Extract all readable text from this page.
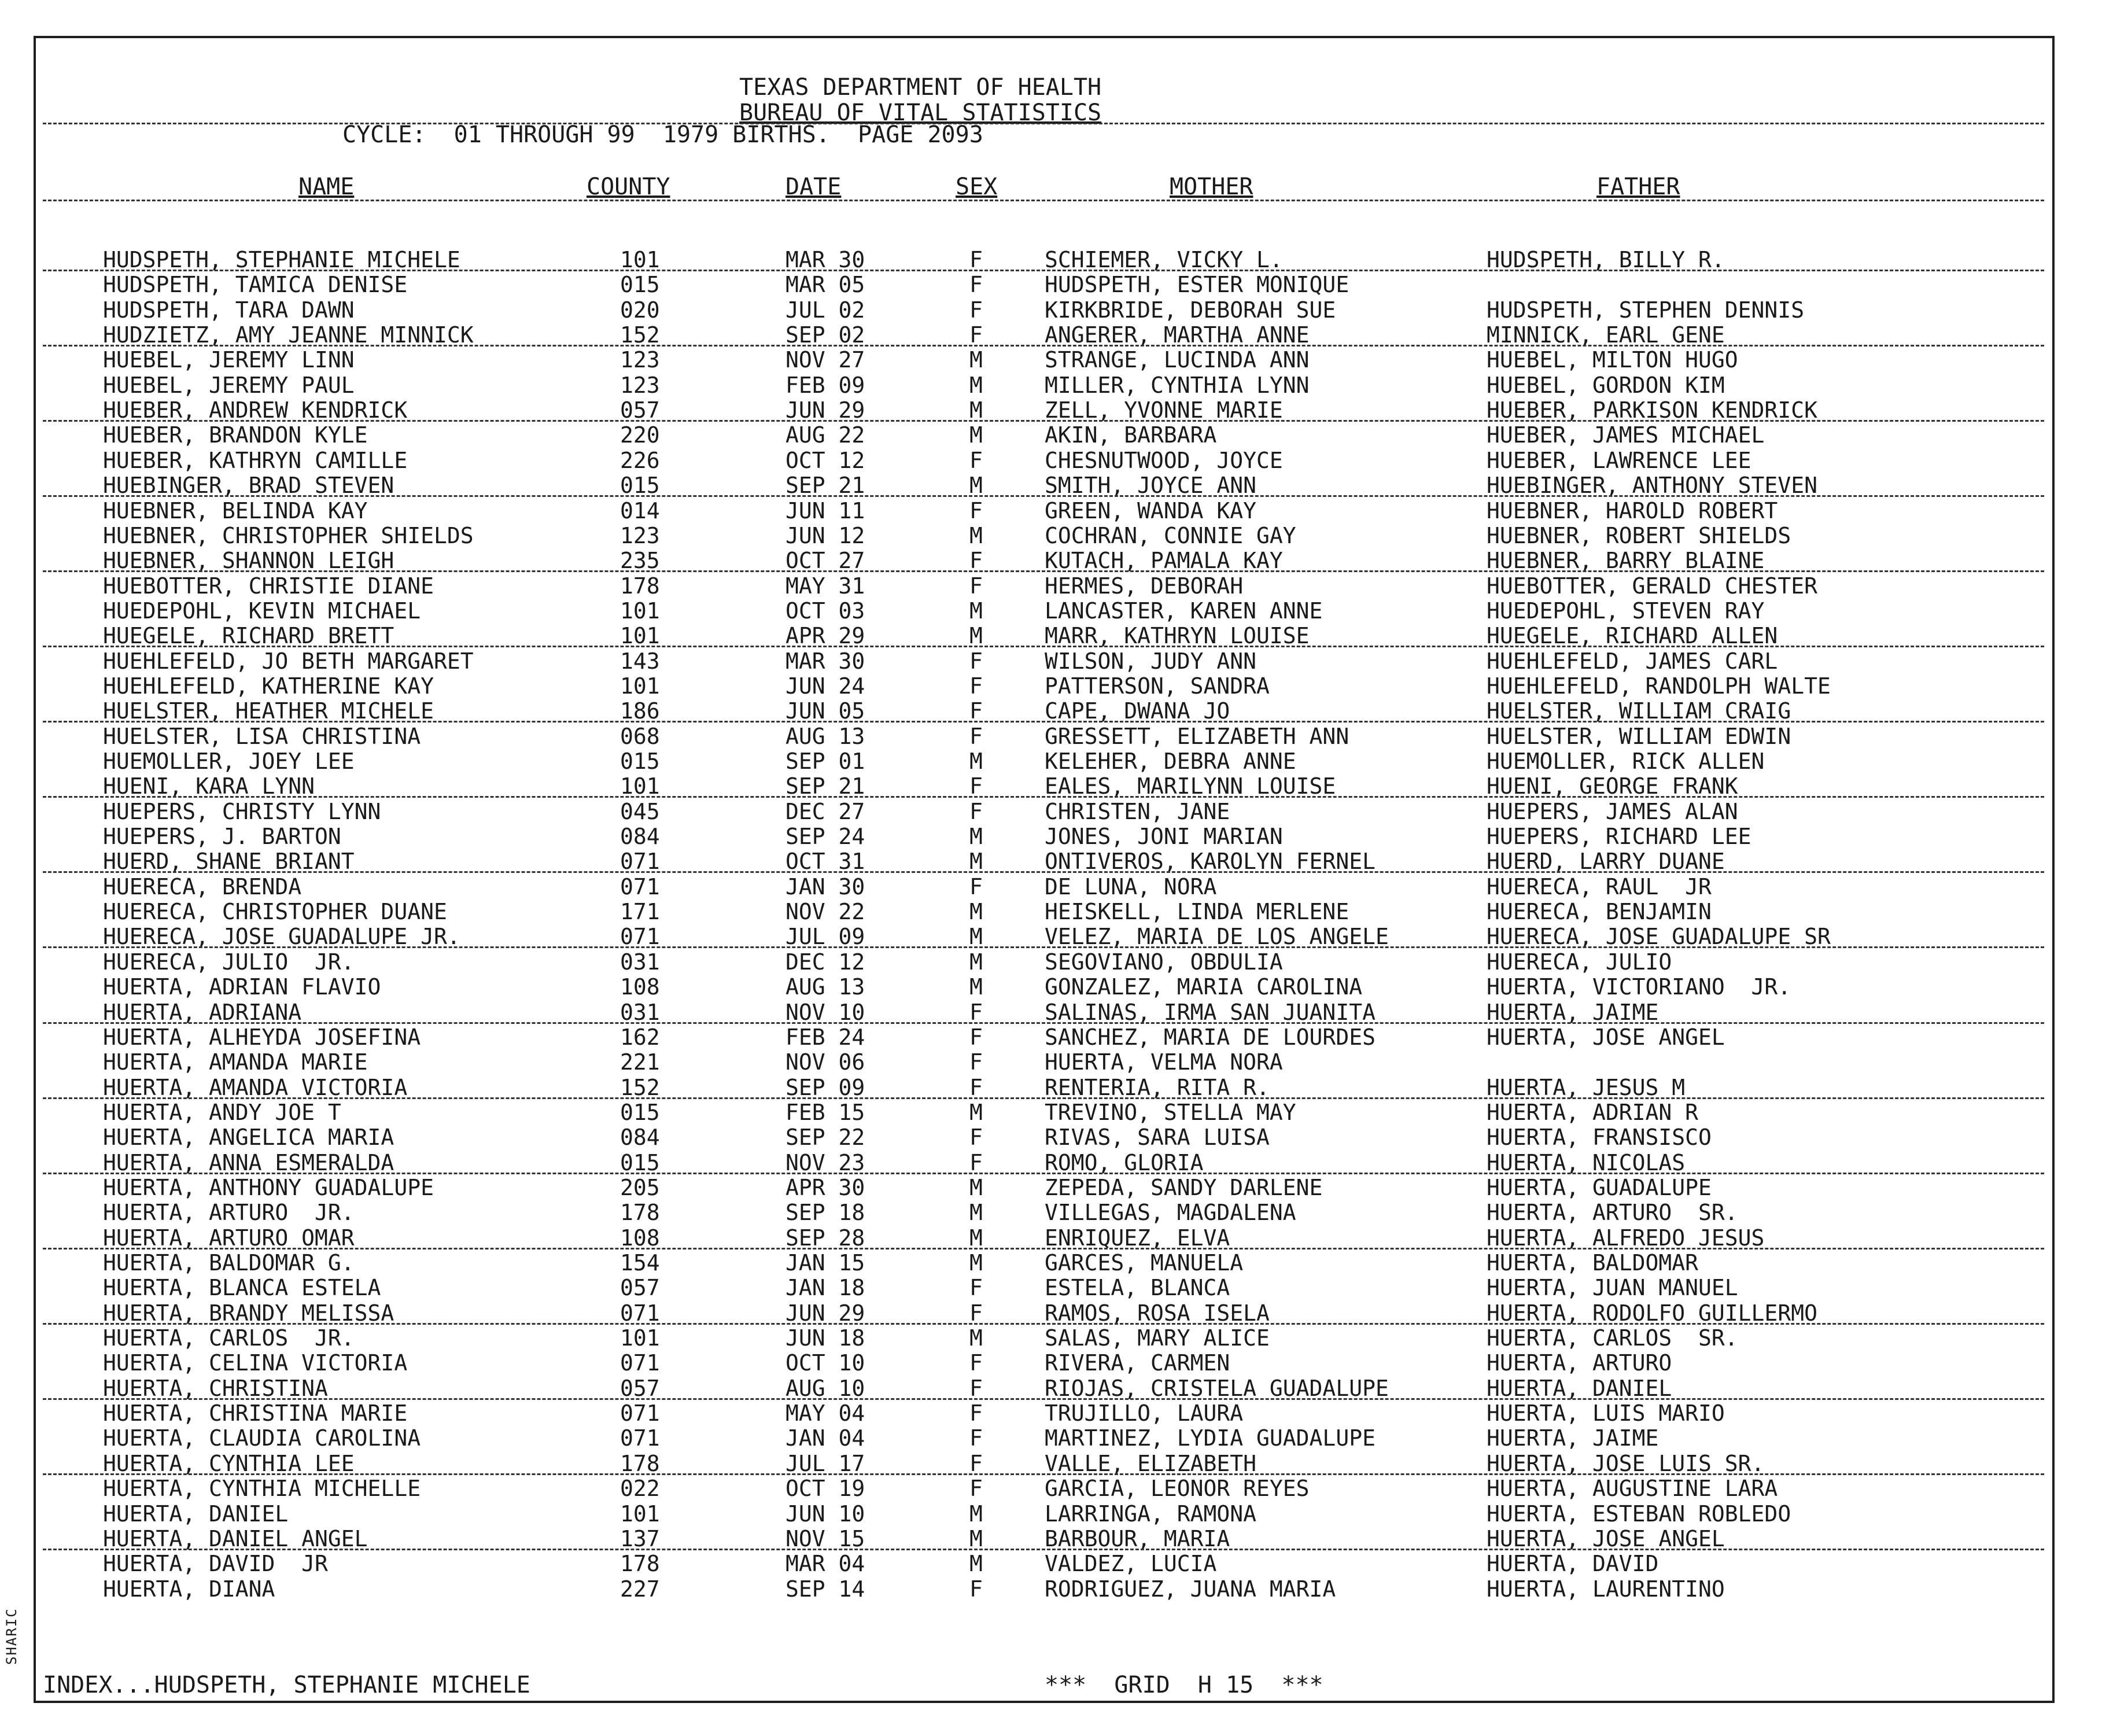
SHARIC
TEXAS DEPARTMENT OF HEALTH
BUREAU OF VITAL STATISTICS
CYCLE:  01 THROUGH 99  1979 BIRTHS.  PAGE 2093
NAME	COUNTY	DATE	SEX	MOTHER	FATHER
HUDSPETH, STEPHANIE MICHELE	101	MAR 30	F	SCHIEMER, VICKY L.	HUDSPETH, BILLY R.
HUDSPETH, TAMICA DENISE	015	MAR 05	F	HUDSPETH, ESTER MONIQUE
HUDSPETH, TARA DAWN	020	JUL 02	F	KIRKBRIDE, DEBORAH SUE	HUDSPETH, STEPHEN DENNIS
HUDZIETZ, AMY JEANNE MINNICK	152	SEP 02	F	ANGERER, MARTHA ANNE	MINNICK, EARL GENE
HUEBEL, JEREMY LINN	123	NOV 27	M	STRANGE, LUCINDA ANN	HUEBEL, MILTON HUGO
HUEBEL, JEREMY PAUL	123	FEB 09	M	MILLER, CYNTHIA LYNN	HUEBEL, GORDON KIM
HUEBER, ANDREW KENDRICK	057	JUN 29	M	ZELL, YVONNE MARIE	HUEBER, PARKISON KENDRICK
HUEBER, BRANDON KYLE	220	AUG 22	M	AKIN, BARBARA	HUEBER, JAMES MICHAEL
HUEBER, KATHRYN CAMILLE	226	OCT 12	F	CHESNUTWOOD, JOYCE	HUEBER, LAWRENCE LEE
HUEBINGER, BRAD STEVEN	015	SEP 21	M	SMITH, JOYCE ANN	HUEBINGER, ANTHONY STEVEN
HUEBNER, BELINDA KAY	014	JUN 11	F	GREEN, WANDA KAY	HUEBNER, HAROLD ROBERT
HUEBNER, CHRISTOPHER SHIELDS	123	JUN 12	M	COCHRAN, CONNIE GAY	HUEBNER, ROBERT SHIELDS
HUEBNER, SHANNON LEIGH	235	OCT 27	F	KUTACH, PAMALA KAY	HUEBNER, BARRY BLAINE
HUEBOTTER, CHRISTIE DIANE	178	MAY 31	F	HERMES, DEBORAH	HUEBOTTER, GERALD CHESTER
HUEDEPOHL, KEVIN MICHAEL	101	OCT 03	M	LANCASTER, KAREN ANNE	HUEDEPOHL, STEVEN RAY
HUEGELE, RICHARD BRETT	101	APR 29	M	MARR, KATHRYN LOUISE	HUEGELE, RICHARD ALLEN
HUEHLEFELD, JO BETH MARGARET	143	MAR 30	F	WILSON, JUDY ANN	HUEHLEFELD, JAMES CARL
HUEHLEFELD, KATHERINE KAY	101	JUN 24	F	PATTERSON, SANDRA	HUEHLEFELD, RANDOLPH WALTE
HUELSTER, HEATHER MICHELE	186	JUN 05	F	CAPE, DWANA JO	HUELSTER, WILLIAM CRAIG
HUELSTER, LISA CHRISTINA	068	AUG 13	F	GRESSETT, ELIZABETH ANN	HUELSTER, WILLIAM EDWIN
HUEMOLLER, JOEY LEE	015	SEP 01	M	KELEHER, DEBRA ANNE	HUEMOLLER, RICK ALLEN
HUENI, KARA LYNN	101	SEP 21	F	EALES, MARILYNN LOUISE	HUENI, GEORGE FRANK
HUEPERS, CHRISTY LYNN	045	DEC 27	F	CHRISTEN, JANE	HUEPERS, JAMES ALAN
HUEPERS, J. BARTON	084	SEP 24	M	JONES, JONI MARIAN	HUEPERS, RICHARD LEE
HUERD, SHANE BRIANT	071	OCT 31	M	ONTIVEROS, KAROLYN FERNEL	HUERD, LARRY DUANE
HUERECA, BRENDA	071	JAN 30	F	DE LUNA, NORA	HUERECA, RAUL  JR
HUERECA, CHRISTOPHER DUANE	171	NOV 22	M	HEISKELL, LINDA MERLENE	HUERECA, BENJAMIN
HUERECA, JOSE GUADALUPE JR.	071	JUL 09	M	VELEZ, MARIA DE LOS ANGELE	HUERECA, JOSE GUADALUPE SR
HUERECA, JULIO  JR.	031	DEC 12	M	SEGOVIANO, OBDULIA	HUERECA, JULIO
HUERTA, ADRIAN FLAVIO	108	AUG 13	M	GONZALEZ, MARIA CAROLINA	HUERTA, VICTORIANO  JR.
HUERTA, ADRIANA	031	NOV 10	F	SALINAS, IRMA SAN JUANITA	HUERTA, JAIME
HUERTA, ALHEYDA JOSEFINA	162	FEB 24	F	SANCHEZ, MARIA DE LOURDES	HUERTA, JOSE ANGEL
HUERTA, AMANDA MARIE	221	NOV 06	F	HUERTA, VELMA NORA
HUERTA, AMANDA VICTORIA	152	SEP 09	F	RENTERIA, RITA R.	HUERTA, JESUS M
HUERTA, ANDY JOE T	015	FEB 15	M	TREVINO, STELLA MAY	HUERTA, ADRIAN R
HUERTA, ANGELICA MARIA	084	SEP 22	F	RIVAS, SARA LUISA	HUERTA, FRANSISCO
HUERTA, ANNA ESMERALDA	015	NOV 23	F	ROMO, GLORIA	HUERTA, NICOLAS
HUERTA, ANTHONY GUADALUPE	205	APR 30	M	ZEPEDA, SANDY DARLENE	HUERTA, GUADALUPE
HUERTA, ARTURO  JR.	178	SEP 18	M	VILLEGAS, MAGDALENA	HUERTA, ARTURO  SR.
HUERTA, ARTURO OMAR	108	SEP 28	M	ENRIQUEZ, ELVA	HUERTA, ALFREDO JESUS
HUERTA, BALDOMAR G.	154	JAN 15	M	GARCES, MANUELA	HUERTA, BALDOMAR
HUERTA, BLANCA ESTELA	057	JAN 18	F	ESTELA, BLANCA	HUERTA, JUAN MANUEL
HUERTA, BRANDY MELISSA	071	JUN 29	F	RAMOS, ROSA ISELA	HUERTA, RODOLFO GUILLERMO
HUERTA, CARLOS  JR.	101	JUN 18	M	SALAS, MARY ALICE	HUERTA, CARLOS  SR.
HUERTA, CELINA VICTORIA	071	OCT 10	F	RIVERA, CARMEN	HUERTA, ARTURO
HUERTA, CHRISTINA	057	AUG 10	F	RIOJAS, CRISTELA GUADALUPE	HUERTA, DANIEL
HUERTA, CHRISTINA MARIE	071	MAY 04	F	TRUJILLO, LAURA	HUERTA, LUIS MARIO
HUERTA, CLAUDIA CAROLINA	071	JAN 04	F	MARTINEZ, LYDIA GUADALUPE	HUERTA, JAIME
HUERTA, CYNTHIA LEE	178	JUL 17	F	VALLE, ELIZABETH	HUERTA, JOSE LUIS SR.
HUERTA, CYNTHIA MICHELLE	022	OCT 19	F	GARCIA, LEONOR REYES	HUERTA, AUGUSTINE LARA
HUERTA, DANIEL	101	JUN 10	M	LARRINGA, RAMONA	HUERTA, ESTEBAN ROBLEDO
HUERTA, DANIEL ANGEL	137	NOV 15	M	BARBOUR, MARIA	HUERTA, JOSE ANGEL
HUERTA, DAVID  JR	178	MAR 04	M	VALDEZ, LUCIA	HUERTA, DAVID
HUERTA, DIANA	227	SEP 14	F	RODRIGUEZ, JUANA MARIA	HUERTA, LAURENTINO
INDEX...HUDSPETH, STEPHANIE MICHELE	***  GRID  H 15  ***
